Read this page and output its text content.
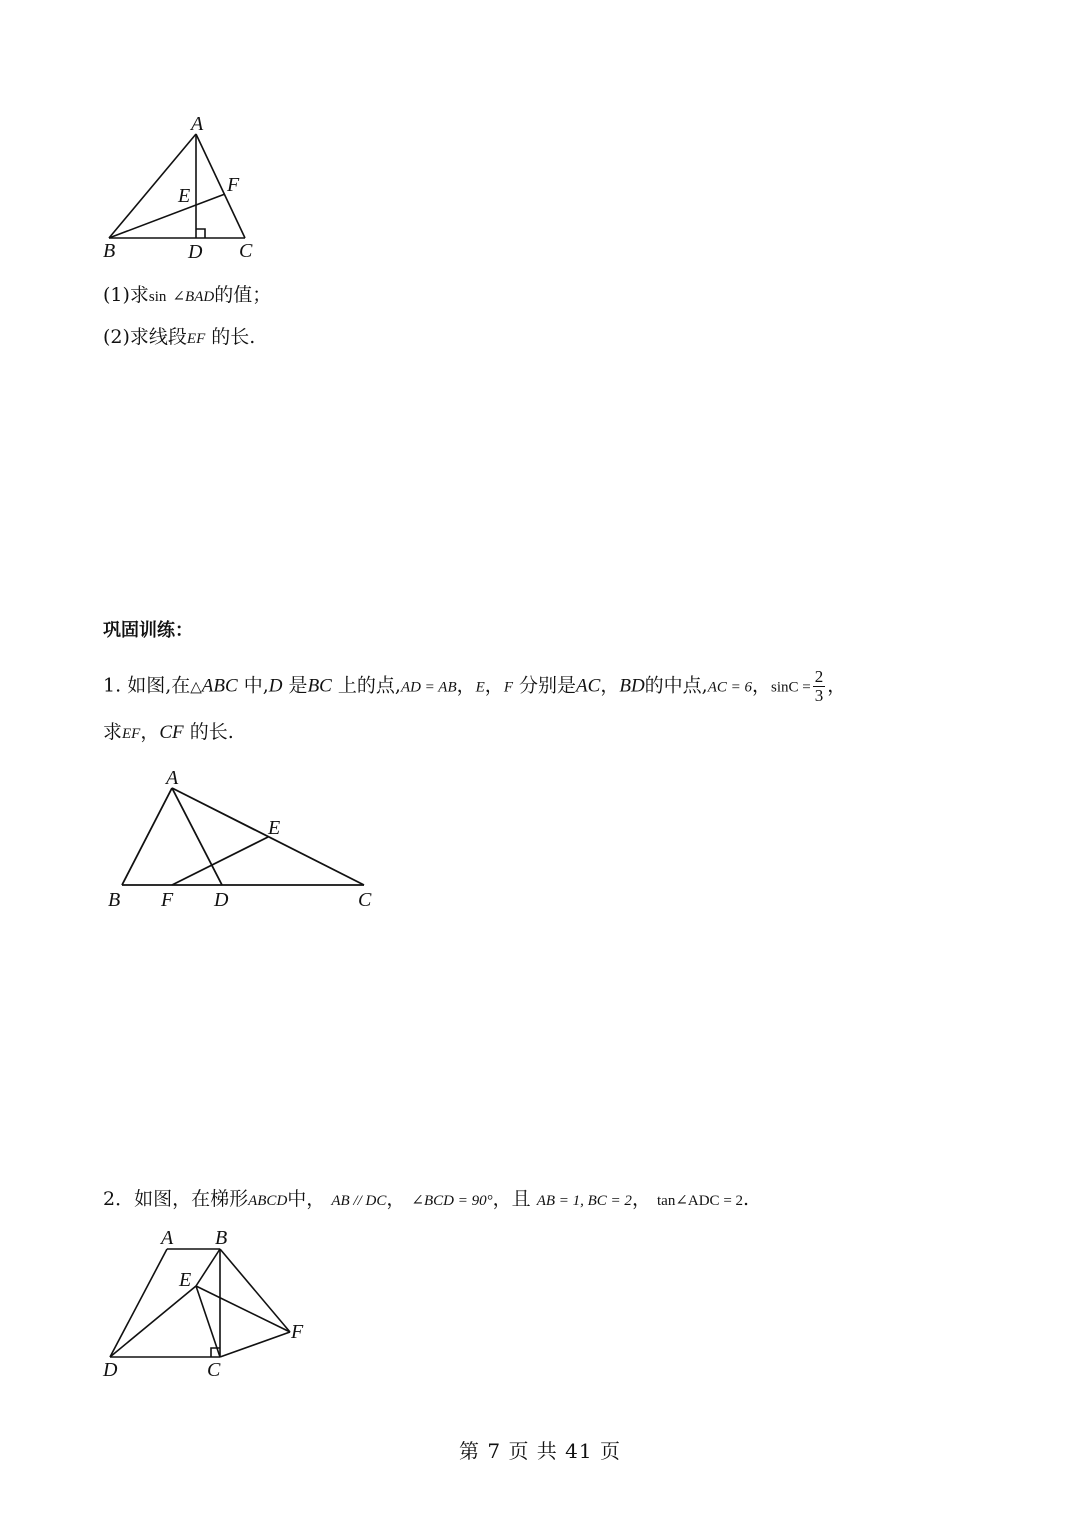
A
B	C
D
E F
(1)求sin ∠BAD的值；
(2)求线段EF 的长.
巩固训练：
1. 如图,在△ABC 中,D 是BC 上的点,AD = AB，E，F 分别是AC，BD的中点,AC = 6，$\sin C = \frac{2}{3}$ ，
求EF，CF 的长.
A
B F D	C
E
2．如图，在梯形ABCD中， AB // DC， ∠BCD = 90°，且 AB = 1, BC = 2， tan∠ADC = 2.
A B
E
F
D	C
第 7 页 共 41 页
